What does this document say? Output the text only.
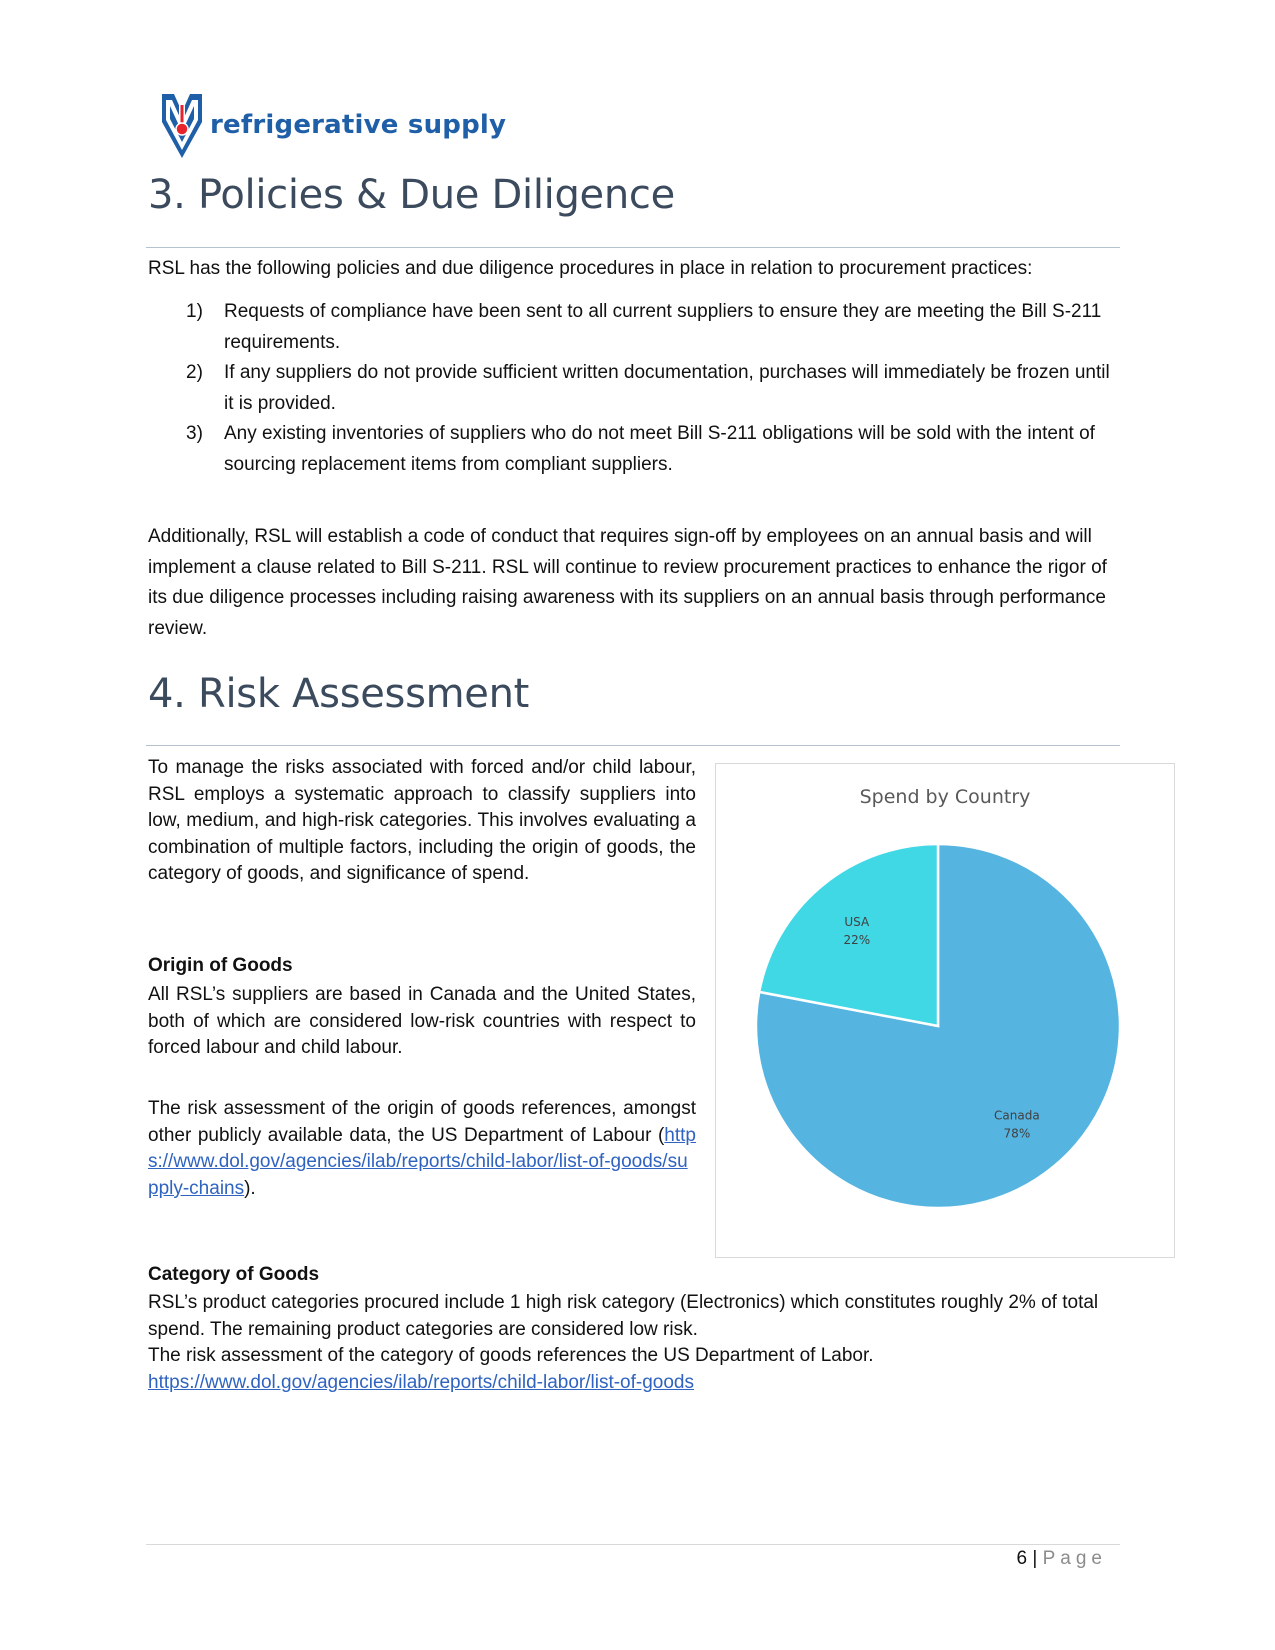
refrigerative supply
3. Policies & Due Diligence

RSL has the following policies and due diligence procedures in place in relation to procurement practices:

1) Requests of compliance have been sent to all current suppliers to ensure they are meeting the Bill S-211 requirements.
2) If any suppliers do not provide sufficient written documentation, purchases will immediately be frozen until it is provided.
3) Any existing inventories of suppliers who do not meet Bill S-211 obligations will be sold with the intent of sourcing replacement items from compliant suppliers.

Additionally, RSL will establish a code of conduct that requires sign-off by employees on an annual basis and will implement a clause related to Bill S-211. RSL will continue to review procurement practices to enhance the rigor of its due diligence processes including raising awareness with its suppliers on an annual basis through performance review.

4. Risk Assessment

To manage the risks associated with forced and/or child labour, RSL employs a systematic approach to classify suppliers into low, medium, and high-risk categories. This involves evaluating a combination of multiple factors, including the origin of goods, the category of goods, and significance of spend.

Origin of Goods

All RSL’s suppliers are based in Canada and the United States, both of which are considered low-risk countries with respect to forced labour and child labour.

The risk assessment of the origin of goods references, amongst other publicly available data, the US Department of Labour (https://www.dol.gov/agencies/ilab/reports/child-labor/list-of-goods/supply-chains).

Category of Goods

RSL’s product categories procured include 1 high risk category (Electronics) which constitutes roughly 2% of total spend. The remaining product categories are considered low risk.
The risk assessment of the category of goods references the US Department of Labor.
https://www.dol.gov/agencies/ilab/reports/child-labor/list-of-goods

Spend by Country
Canada
78%
USA
22%
6 | Page
